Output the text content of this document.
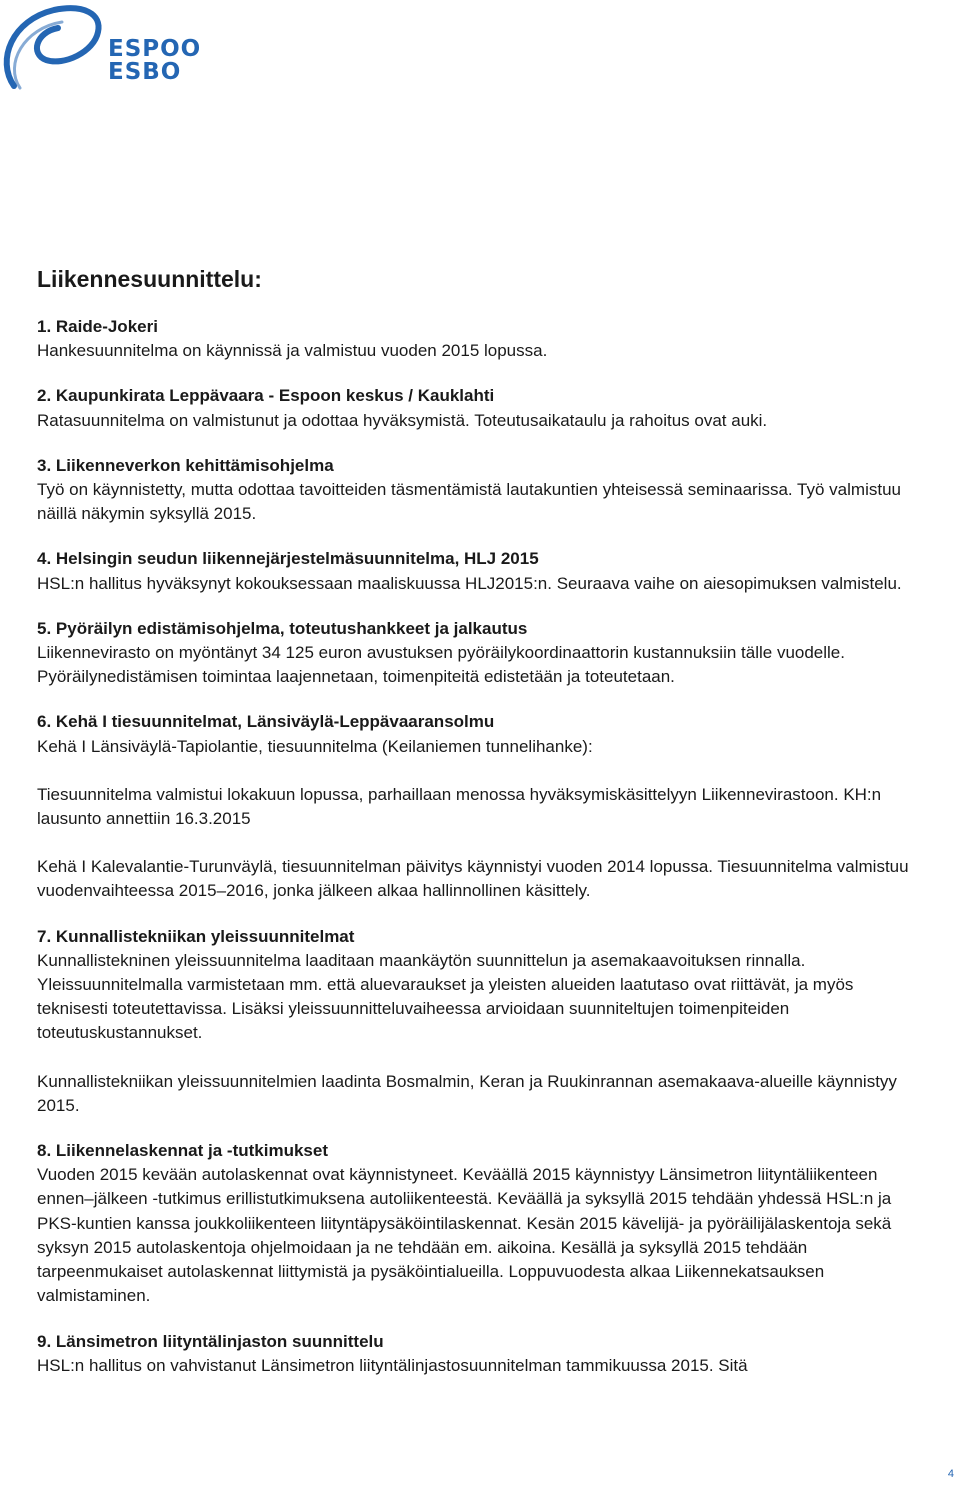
ESPOO
ESBO
Liikennesuunnittelu:
1. Raide-Jokeri

Hankesuunnitelma on käynnissä ja valmistuu vuoden 2015 lopussa.

2. Kaupunkirata Leppävaara - Espoon keskus / Kauklahti

Ratasuunnitelma on valmistunut ja odottaa hyväksymistä. Toteutusaikataulu ja rahoitus ovat auki.

3. Liikenneverkon kehittämisohjelma

Työ on käynnistetty, mutta odottaa tavoitteiden täsmentämistä lautakuntien yhteisessä seminaarissa. Työ valmistuu näillä näkymin syksyllä 2015.

4. Helsingin seudun liikennejärjestelmäsuunnitelma, HLJ 2015

HSL:n hallitus hyväksynyt kokouksessaan maaliskuussa HLJ2015:n. Seuraava vaihe on aiesopimuksen valmistelu.

5. Pyöräilyn edistämisohjelma, toteutushankkeet ja jalkautus

Liikennevirasto on myöntänyt 34 125 euron avustuksen pyöräilykoordinaattorin kustannuksiin tälle vuodelle. Pyöräilynedistämisen toimintaa laajennetaan, toimenpiteitä edistetään ja toteutetaan.

6. Kehä I tiesuunnitelmat, Länsiväylä-Leppävaaransolmu

Kehä I Länsiväylä-Tapiolantie, tiesuunnitelma (Keilaniemen tunnelihanke):

Tiesuunnitelma valmistui lokakuun lopussa, parhaillaan menossa hyväksymiskäsittelyyn Liikennevirastoon. KH:n lausunto annettiin 16.3.2015

Kehä I Kalevalantie-Turunväylä, tiesuunnitelman päivitys käynnistyi vuoden 2014 lopussa. Tiesuunnitelma valmistuu vuodenvaihteessa 2015–2016, jonka jälkeen alkaa hallinnollinen käsittely.

7. Kunnallistekniikan yleissuunnitelmat

Kunnallistekninen yleissuunnitelma laaditaan maankäytön suunnittelun ja asemakaavoituksen rinnalla. Yleissuunnitelmalla varmistetaan mm. että aluevaraukset ja yleisten alueiden laatutaso ovat riittävät, ja myös teknisesti toteutettavissa. Lisäksi yleissuunnitteluvaiheessa arvioidaan suunniteltujen toimenpiteiden toteutuskustannukset.

Kunnallistekniikan yleissuunnitelmien laadinta Bosmalmin, Keran ja Ruukinrannan asemakaava-alueille käynnistyy 2015.

8. Liikennelaskennat ja -tutkimukset

Vuoden 2015 kevään autolaskennat ovat käynnistyneet. Keväällä 2015 käynnistyy Länsimetron liityntäliikenteen ennen–jälkeen -tutkimus erillistutkimuksena autoliikenteestä. Keväällä ja syksyllä 2015 tehdään yhdessä HSL:n ja PKS-kuntien kanssa joukkoliikenteen liityntäpysäköintilaskennat. Kesän 2015 kävelijä- ja pyöräilijälaskentoja sekä syksyn 2015 autolaskentoja ohjelmoidaan ja ne tehdään em. aikoina. Kesällä ja syksyllä 2015 tehdään tarpeenmukaiset autolaskennat liittymistä ja pysäköintialueilla. Loppuvuodesta alkaa Liikennekatsauksen valmistaminen.

9. Länsimetron liityntälinjaston suunnittelu

HSL:n hallitus on vahvistanut Länsimetron liityntälinjastosuunnitelman tammikuussa 2015. Sitä

4
